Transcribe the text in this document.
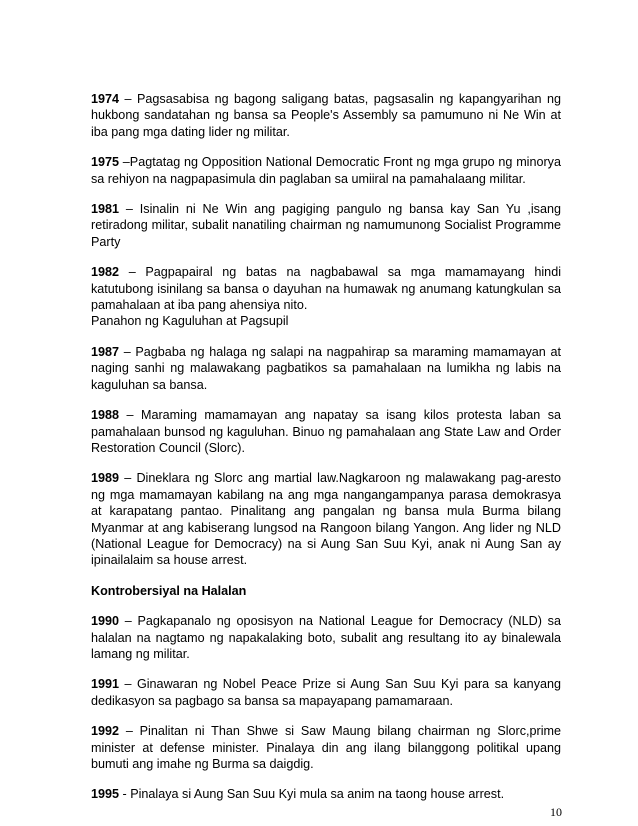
1974 – Pagsasabisa ng bagong saligang batas, pagsasalin ng kapangyarihan ng hukbong sandatahan ng bansa sa People's Assembly sa pamumuno ni Ne Win at iba pang mga dating lider ng militar.

1975 –Pagtatag ng Opposition National Democratic Front ng mga grupo ng minorya sa rehiyon na nagpapasimula din paglaban sa umiiral na pamahalaang militar.

1981 – Isinalin ni Ne Win ang pagiging pangulo ng bansa kay San Yu ,isang retiradong militar, subalit nanatiling chairman ng namumunong Socialist Programme Party

1982 – Pagpapairal ng batas na nagbabawal sa mga mamamayang hindi katutubong isinilang sa bansa o dayuhan na humawak ng anumang katungkulan sa pamahalaan at iba pang ahensiya nito.
Panahon ng Kaguluhan at Pagsupil

1987 – Pagbaba ng halaga ng salapi na nagpahirap sa maraming mamamayan at naging sanhi ng malawakang pagbatikos sa pamahalaan na lumikha ng labis na kaguluhan sa bansa.

1988 – Maraming mamamayan ang napatay sa isang kilos protesta laban sa pamahalaan bunsod ng kaguluhan. Binuo ng pamahalaan ang State Law and Order Restoration Council (Slorc).

1989 – Dineklara ng Slorc ang martial law.Nagkaroon ng malawakang pag-aresto ng mga mamamayan kabilang na ang mga nangangampanya parasa demokrasya at karapatang pantao. Pinalitang ang pangalan ng bansa mula Burma bilang Myanmar at ang kabiserang lungsod na Rangoon bilang Yangon. Ang lider ng NLD (National League for Democracy) na si Aung San Suu Kyi, anak ni Aung San ay ipinailalaim sa house arrest.

Kontrobersiyal na Halalan

1990 – Pagkapanalo ng oposisyon na National League for Democracy (NLD) sa halalan na nagtamo ng napakalaking boto, subalit ang resultang ito ay binalewala lamang ng militar.

1991 – Ginawaran ng Nobel Peace Prize si Aung San Suu Kyi para sa kanyang dedikasyon sa pagbago sa bansa sa mapayapang pamamaraan.

1992 – Pinalitan ni Than Shwe si Saw Maung bilang chairman ng Slorc,prime minister at defense minister. Pinalaya din ang ilang bilanggong politikal upang bumuti ang imahe ng Burma sa daigdig.

1995 - Pinalaya si Aung San Suu Kyi mula sa anim na taong house arrest.

10
